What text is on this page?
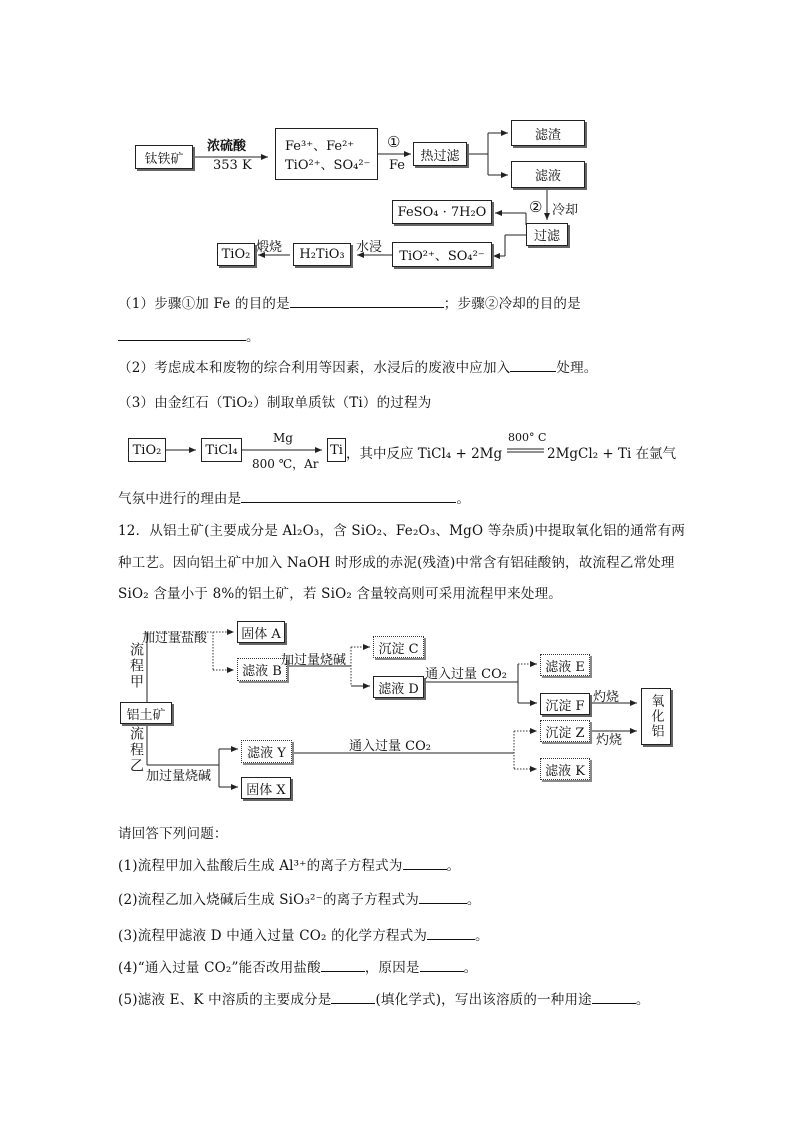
钛铁矿
浓硫酸
353 K
Fe³⁺、Fe²⁺
TiO²⁺、SO₄²⁻
①
Fe
热过滤
滤渣
滤液
② 冷却
FeSO₄ · 7H₂O
过滤
TiO²⁺、SO₄²⁻
水浸
H₂TiO₃
煅烧
TiO₂
（1）步骤①加 Fe 的目的是	；步骤②冷却的目的是
。
（2）考虑成本和废物的综合利用等因素，水浸后的废液中应加入	处理。
（3）由金红石（TiO₂）制取单质钛（Ti）的过程为
TiO₂	TiCl₄
Mg
800 ℃，Ar
Ti ，其中反应 TiCl₄ + 2Mg
800° C
2MgCl₂ + Ti 在氩气
气氛中进行的理由是	。
12．从铝土矿(主要成分是 Al₂O₃，含 SiO₂、Fe₂O₃、MgO 等杂质)中提取氧化铝的通常有两
种工艺。因向铝土矿中加入 NaOH 时形成的赤泥(残渣)中常含有铝硅酸钠，故流程乙常处理
SiO₂ 含量小于 8%的铝土矿，若 SiO₂ 含量较高则可采用流程甲来处理。
加过量盐酸	固体 A
滤液 B
加过量烧碱
沉淀 C
滤液 D
通入过量 CO₂	滤液 E
沉淀 F
灼烧 氧化铝
流程甲
铝土矿
流程乙	滤液 Y	通入过量 CO₂
沉淀 Z 灼烧
滤液 K
加过量烧碱
固体 X
请回答下列问题：
(1)流程甲加入盐酸后生成 Al³⁺的离子方程式为	。
(2)流程乙加入烧碱后生成 SiO₃²⁻的离子方程式为	。
(3)流程甲滤液 D 中通入过量 CO₂ 的化学方程式为	。
(4)“通入过量 CO₂”能否改用盐酸	，原因是	。
(5)滤液 E、K 中溶质的主要成分是	(填化学式)，写出该溶质的一种用途	。
